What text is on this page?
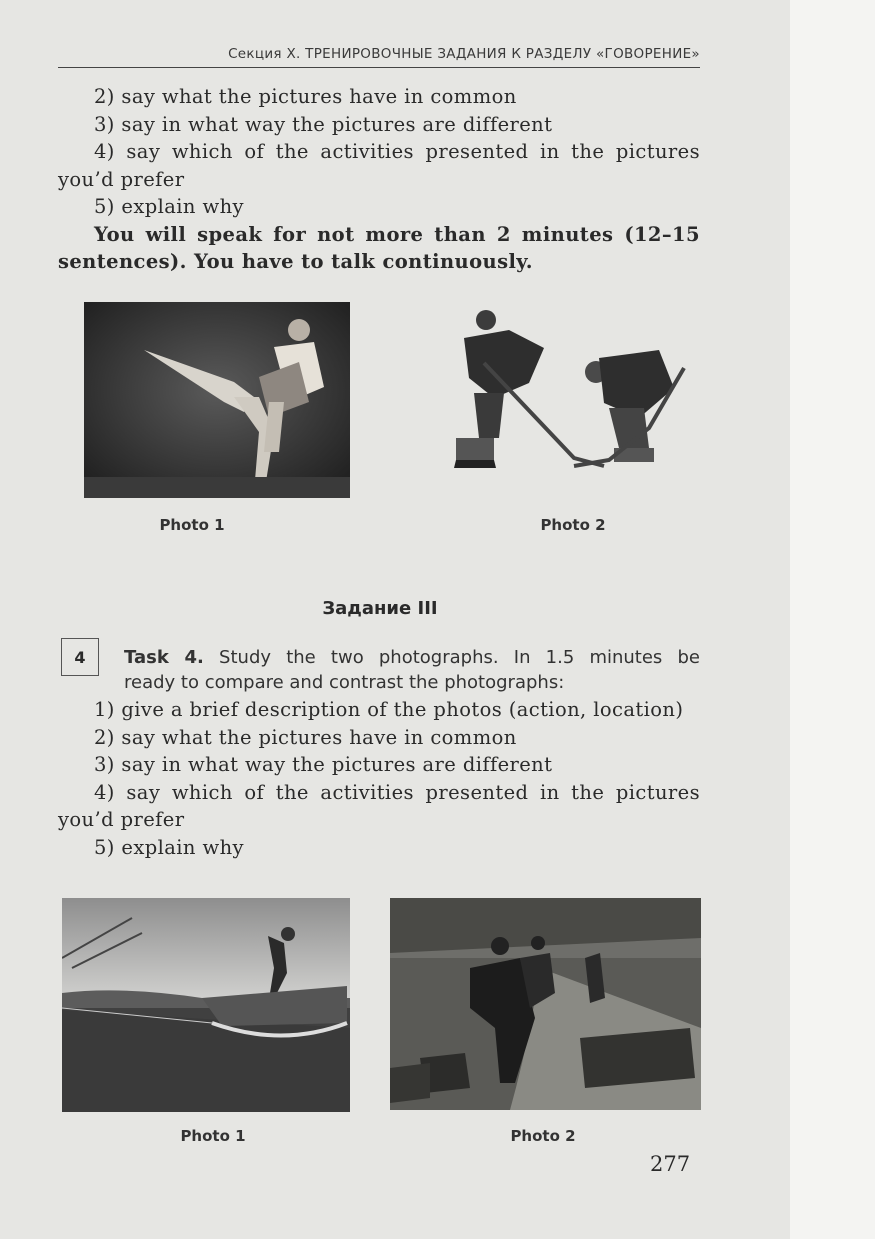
Секция X. ТРЕНИРОВОЧНЫЕ ЗАДАНИЯ К РАЗДЕЛУ «ГОВОРЕНИЕ»
2) say what the pictures have in common
3) say in what way the pictures are different
4) say which of the activities presented in the pictures
you’d prefer
5) explain why
You will speak for not more than 2 minutes (12–15
sentences). You have to talk continuously.
Photo 1	Photo 2
Задание III
4	Task 4. Study the two photographs. In 1.5 minutes be
ready to compare and contrast the photographs:
1) give a brief description of the photos (action, location)
2) say what the pictures have in common
3) say in what way the pictures are different
4) say which of the activities presented in the pictures
you’d prefer
5) explain why
Photo 1	Photo 2
277
